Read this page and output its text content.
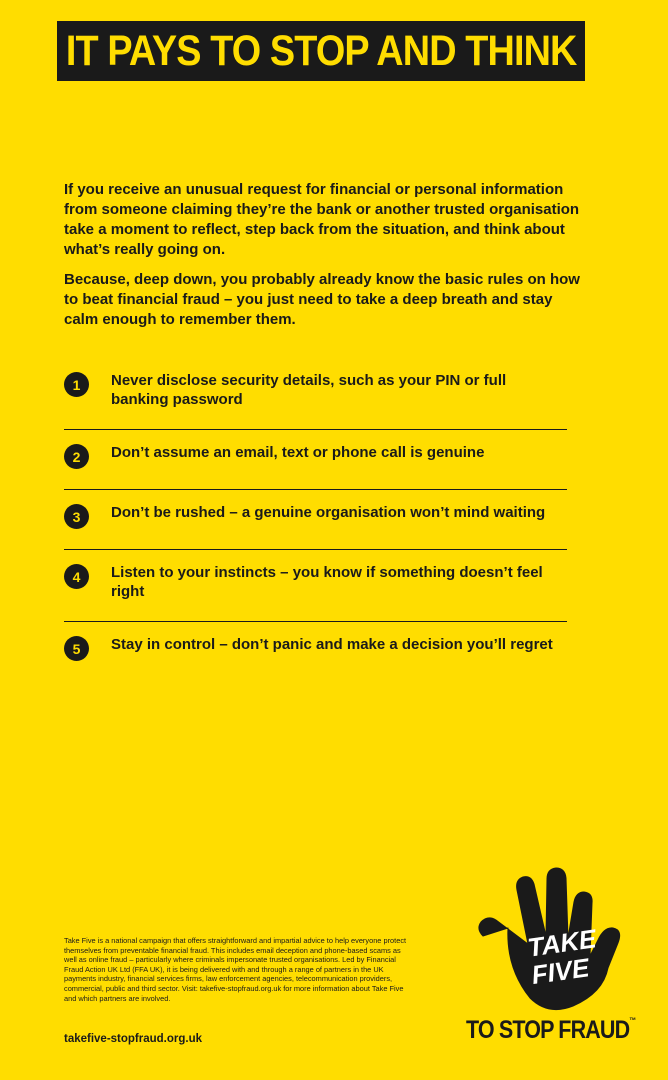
IT PAYS TO STOP AND THINK

If you receive an unusual request for financial or personal information from someone claiming they’re the bank or another trusted organisation take a moment to reflect, step back from the situation, and think about what’s really going on.

Because, deep down, you probably already know the basic rules on how to beat financial fraud – you just need to take a deep breath and stay calm enough to remember them.

1	Never disclose security details, such as your PIN or full banking password
2	Don’t assume an email, text or phone call is genuine
3	Don’t be rushed – a genuine organisation won’t mind waiting
4	Listen to your instincts – you know if something doesn’t feel right
5	Stay in control – don’t panic and make a decision you’ll regret

Take Five is a national campaign that offers straightforward and impartial advice to help everyone protect themselves from preventable financial fraud. This includes email deception and phone-based scams as well as online fraud – particularly where criminals impersonate trusted organisations. Led by Financial Fraud Action UK Ltd (FFA UK), it is being delivered with and through a range of partners in the UK payments industry, financial services firms, law enforcement agencies, telecommunication providers, commercial, public and third sector. Visit: takefive-stopfraud.org.uk for more information about Take Five and which partners are involved.

takefive-stopfraud.org.uk
TAKE
FIVE
TO STOP FRAUD™
